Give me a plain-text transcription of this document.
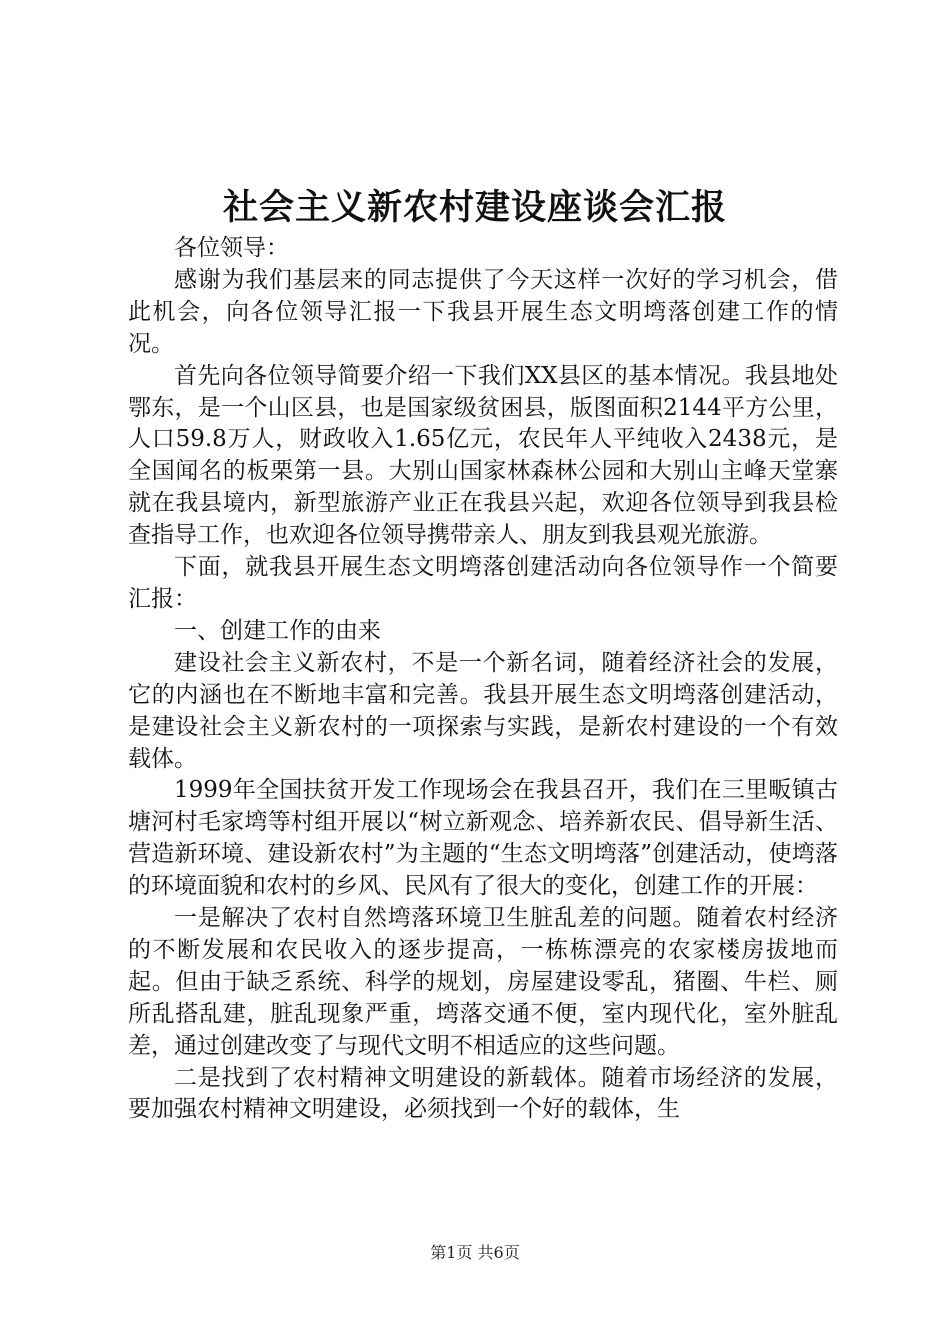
社会主义新农村建设座谈会汇报

各位领导：

感谢为我们基层来的同志提供了今天这样一次好的学习机会，借此机会，向各位领导汇报一下我县开展生态文明塆落创建工作的情况。

首先向各位领导简要介绍一下我们XX县区的基本情况。我县地处鄂东，是一个山区县，也是国家级贫困县，版图面积2144平方公里，人口59.8万人，财政收入1.65亿元，农民年人平纯收入2438元，是全国闻名的板栗第一县。大别山国家林森林公园和大别山主峰天堂寨就在我县境内，新型旅游产业正在我县兴起，欢迎各位领导到我县检查指导工作，也欢迎各位领导携带亲人、朋友到我县观光旅游。

下面，就我县开展生态文明塆落创建活动向各位领导作一个简要汇报：

一、创建工作的由来

建设社会主义新农村，不是一个新名词，随着经济社会的发展，它的内涵也在不断地丰富和完善。我县开展生态文明塆落创建活动，是建设社会主义新农村的一项探索与实践，是新农村建设的一个有效载体。

1999年全国扶贫开发工作现场会在我县召开，我们在三里畈镇古塘河村毛家塆等村组开展以“树立新观念、培养新农民、倡导新生活、营造新环境、建设新农村”为主题的“生态文明塆落”创建活动，使塆落的环境面貌和农村的乡风、民风有了很大的变化，创建工作的开展：

一是解决了农村自然塆落环境卫生脏乱差的问题。随着农村经济的不断发展和农民收入的逐步提高，一栋栋漂亮的农家楼房拔地而起。但由于缺乏系统、科学的规划，房屋建设零乱，猪圈、牛栏、厕所乱搭乱建，脏乱现象严重，塆落交通不便，室内现代化，室外脏乱差，通过创建改变了与现代文明不相适应的这些问题。

二是找到了农村精神文明建设的新载体。随着市场经济的发展，要加强农村精神文明建设，必须找到一个好的载体，生

第1页 共6页
